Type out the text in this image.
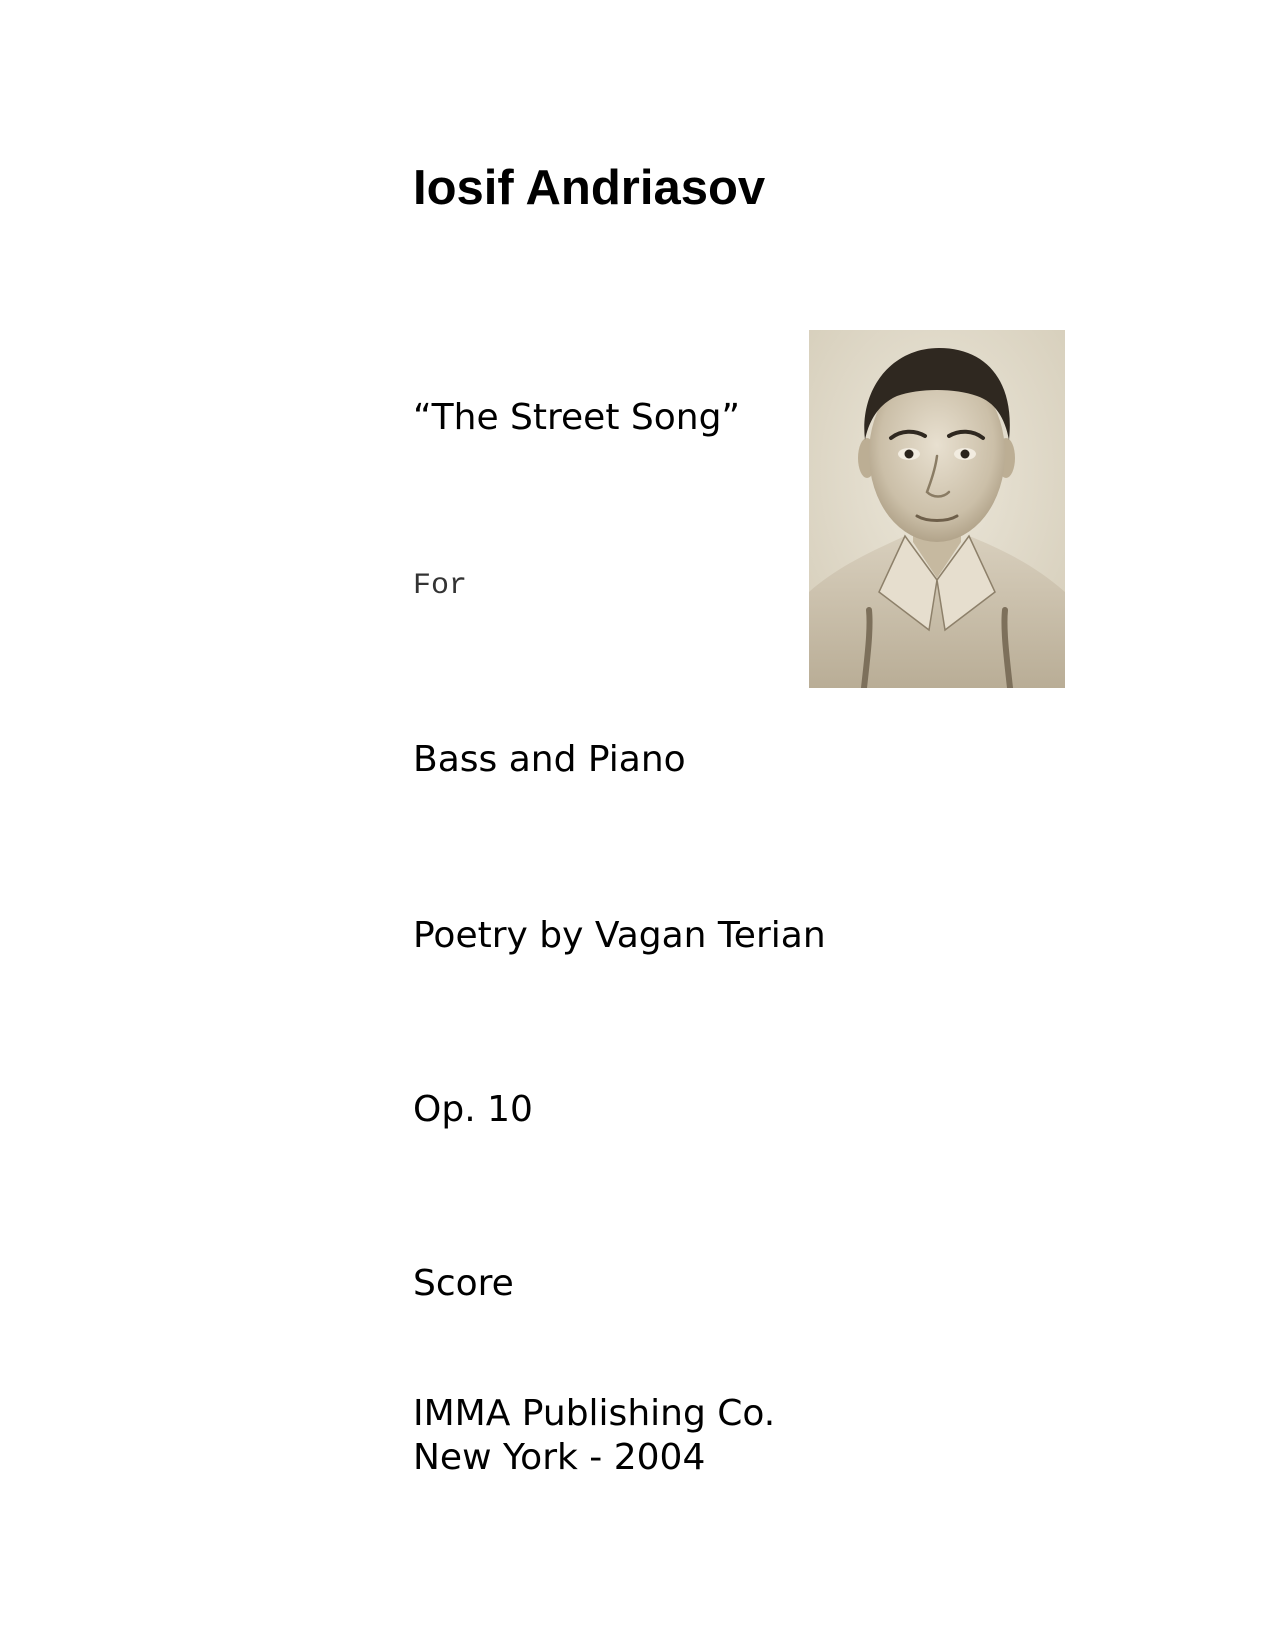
Iosif Andriasov

“The Street Song”

For

Bass and Piano

Poetry by Vagan Terian

Op. 10

Score

IMMA Publishing Co.

New York - 2004
